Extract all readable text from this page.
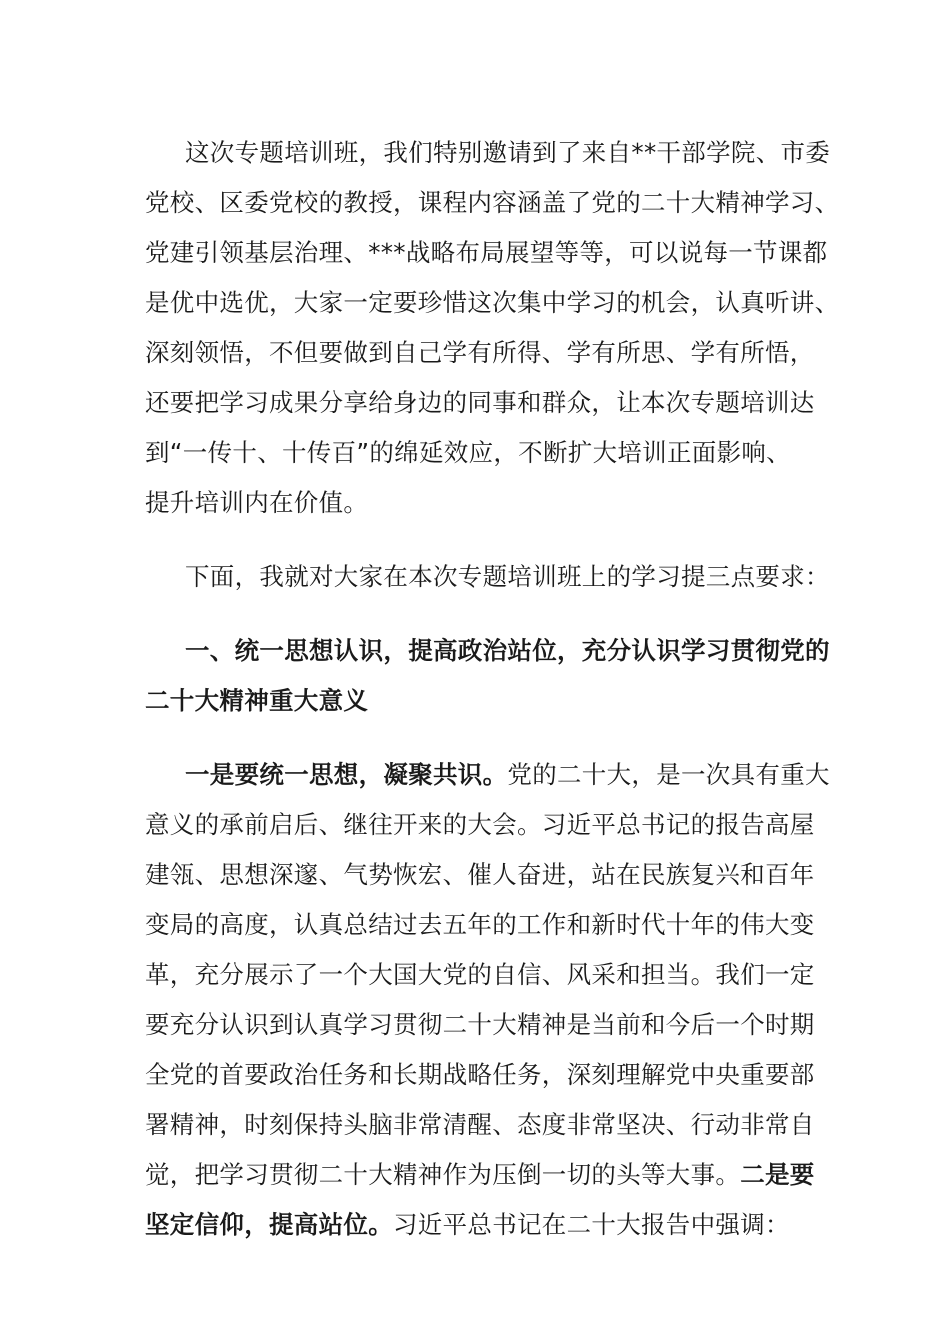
这次专题培训班，我们特别邀请到了来自**干部学院、市委
党校、区委党校的教授，课程内容涵盖了党的二十大精神学习、
党建引领基层治理、***战略布局展望等等，可以说每一节课都
是优中选优，大家一定要珍惜这次集中学习的机会，认真听讲、
深刻领悟，不但要做到自己学有所得、学有所思、学有所悟，
还要把学习成果分享给身边的同事和群众，让本次专题培训达
到“一传十、十传百”的绵延效应，不断扩大培训正面影响、
提升培训内在价值。
下面，我就对大家在本次专题培训班上的学习提三点要求：
一、统一思想认识，提高政治站位，充分认识学习贯彻党的
二十大精神重大意义
一是要统一思想，凝聚共识。党的二十大，是一次具有重大
意义的承前启后、继往开来的大会。习近平总书记的报告高屋
建瓴、思想深邃、气势恢宏、催人奋进，站在民族复兴和百年
变局的高度，认真总结过去五年的工作和新时代十年的伟大变
革，充分展示了一个大国大党的自信、风采和担当。我们一定
要充分认识到认真学习贯彻二十大精神是当前和今后一个时期
全党的首要政治任务和长期战略任务，深刻理解党中央重要部
署精神，时刻保持头脑非常清醒、态度非常坚决、行动非常自
觉，把学习贯彻二十大精神作为压倒一切的头等大事。二是要
坚定信仰，提高站位。习近平总书记在二十大报告中强调：
